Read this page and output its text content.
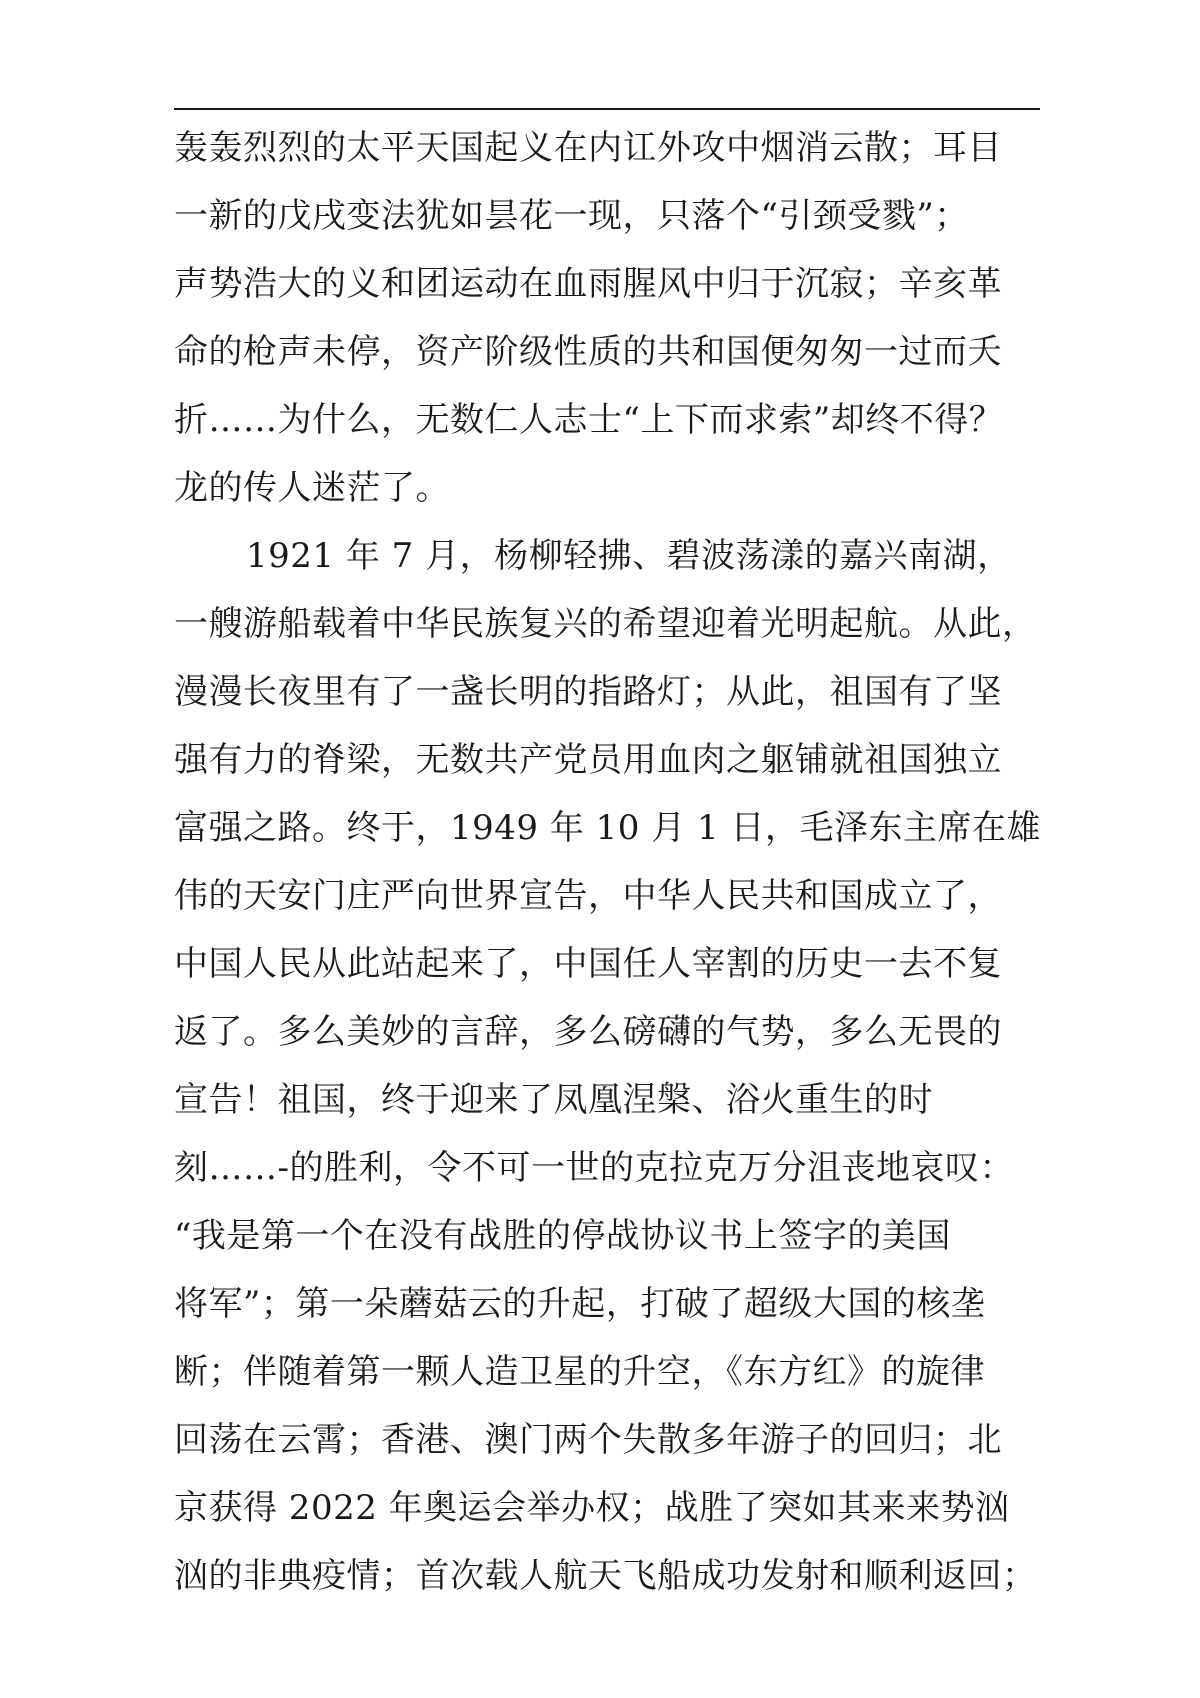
轰轰烈烈的太平天国起义在内讧外攻中烟消云散；耳目
一新的戊戌变法犹如昙花一现，只落个“引颈受戮”；
声势浩大的义和团运动在血雨腥风中归于沉寂；辛亥革
命的枪声未停，资产阶级性质的共和国便匆匆一过而夭
折……为什么，无数仁人志士“上下而求索”却终不得？
龙的传人迷茫了。
1921 年 7 月，杨柳轻拂、碧波荡漾的嘉兴南湖，
一艘游船载着中华民族复兴的希望迎着光明起航。从此，
漫漫长夜里有了一盏长明的指路灯；从此，祖国有了坚
强有力的脊梁，无数共产党员用血肉之躯铺就祖国独立
富强之路。终于，1949 年 10 月 1 日，毛泽东主席在雄
伟的天安门庄严向世界宣告，中华人民共和国成立了，
中国人民从此站起来了，中国任人宰割的历史一去不复
返了。多么美妙的言辞，多么磅礴的气势，多么无畏的
宣告！祖国，终于迎来了凤凰涅槃、浴火重生的时
刻……-的胜利，令不可一世的克拉克万分沮丧地哀叹：
“我是第一个在没有战胜的停战协议书上签字的美国
将军”；第一朵蘑菇云的升起，打破了超级大国的核垄
断；伴随着第一颗人造卫星的升空，《东方红》的旋律
回荡在云霄；香港、澳门两个失散多年游子的回归；北
京获得 2022 年奥运会举办权；战胜了突如其来来势汹
汹的非典疫情；首次载人航天飞船成功发射和顺利返回；
